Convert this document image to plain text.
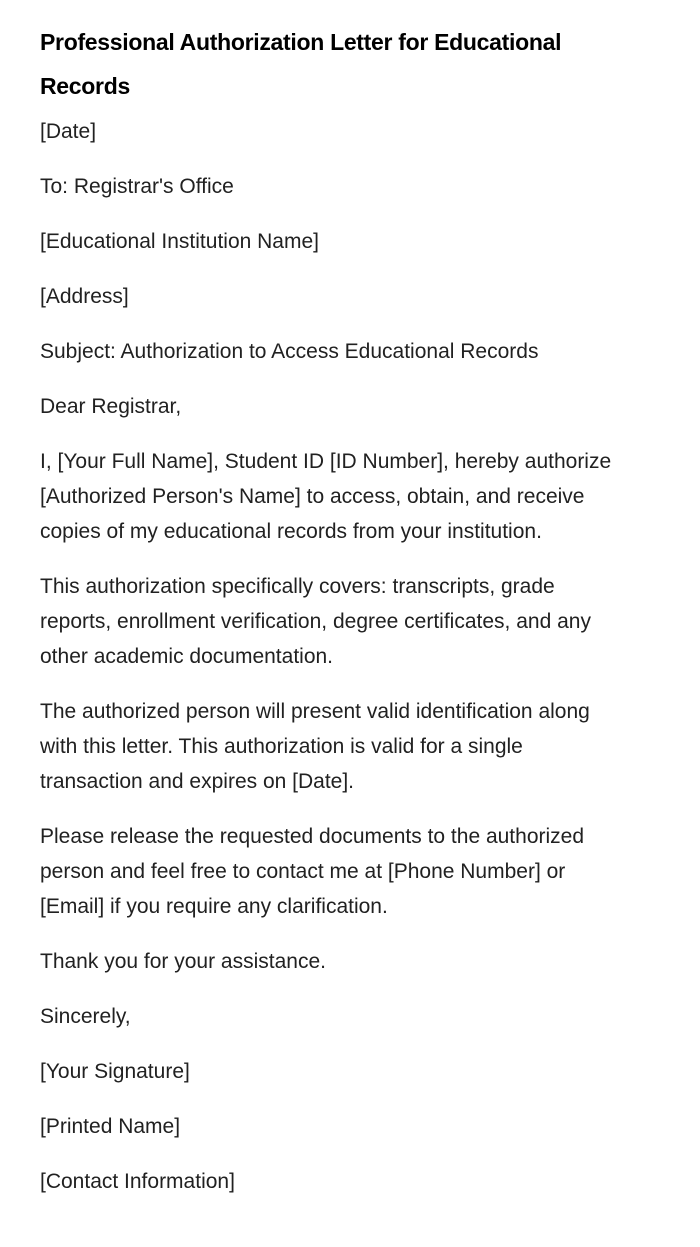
Professional Authorization Letter for Educational
Records

[Date]

To: Registrar's Office

[Educational Institution Name]

[Address]

Subject: Authorization to Access Educational Records

Dear Registrar,

I, [Your Full Name], Student ID [ID Number], hereby authorize [Authorized Person's Name] to access, obtain, and receive copies of my educational records from your institution.

This authorization specifically covers: transcripts, grade reports, enrollment verification, degree certificates, and any other academic documentation.

The authorized person will present valid identification along with this letter. This authorization is valid for a single transaction and expires on [Date].

Please release the requested documents to the authorized person and feel free to contact me at [Phone Number] or [Email] if you require any clarification.

Thank you for your assistance.

Sincerely,

[Your Signature]

[Printed Name]

[Contact Information]
